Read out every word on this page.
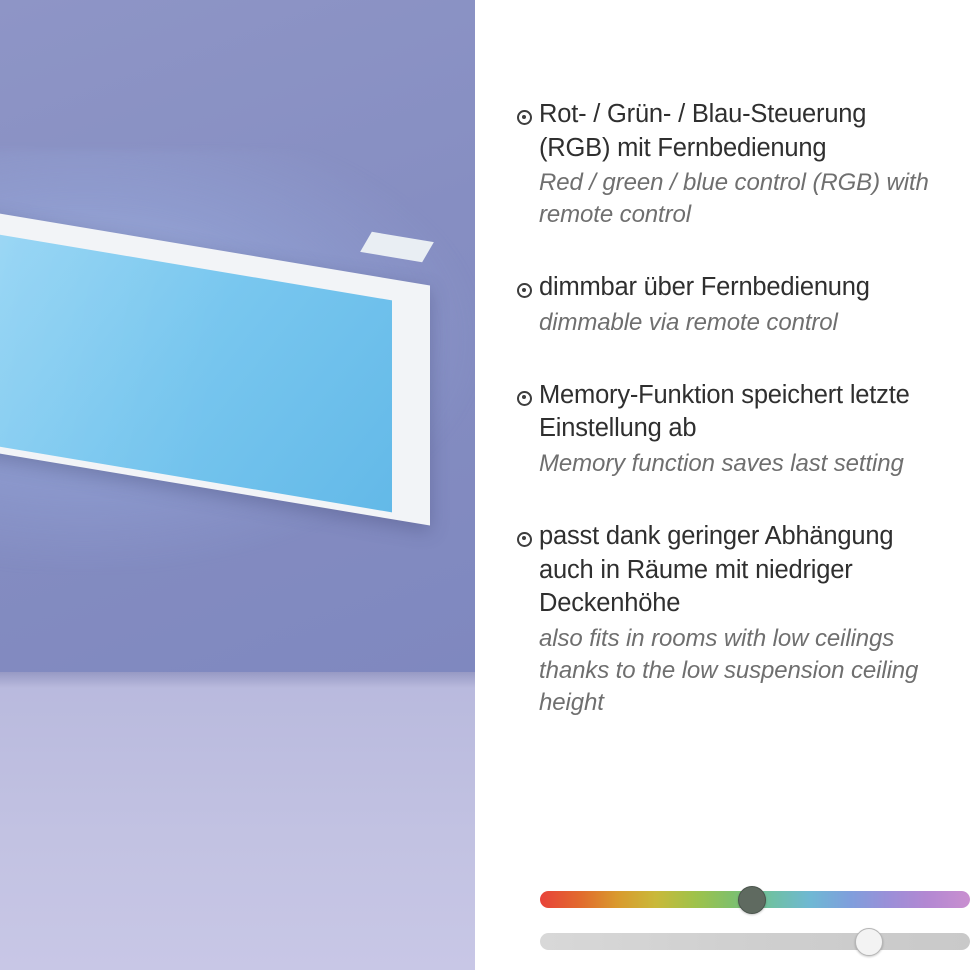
Rot- / Grün- / Blau-Steuerung (RGB) mit Fernbedienung
Red / green / blue control (RGB) with remote control
dimmbar über Fernbedienung
dimmable via remote control
Memory-Funktion speichert letzte Einstellung ab
Memory function saves last setting
passt dank geringer Abhängung auch in Räume mit niedriger Deckenhöhe
also fits in rooms with low ceilings thanks to the low suspension ceiling height
